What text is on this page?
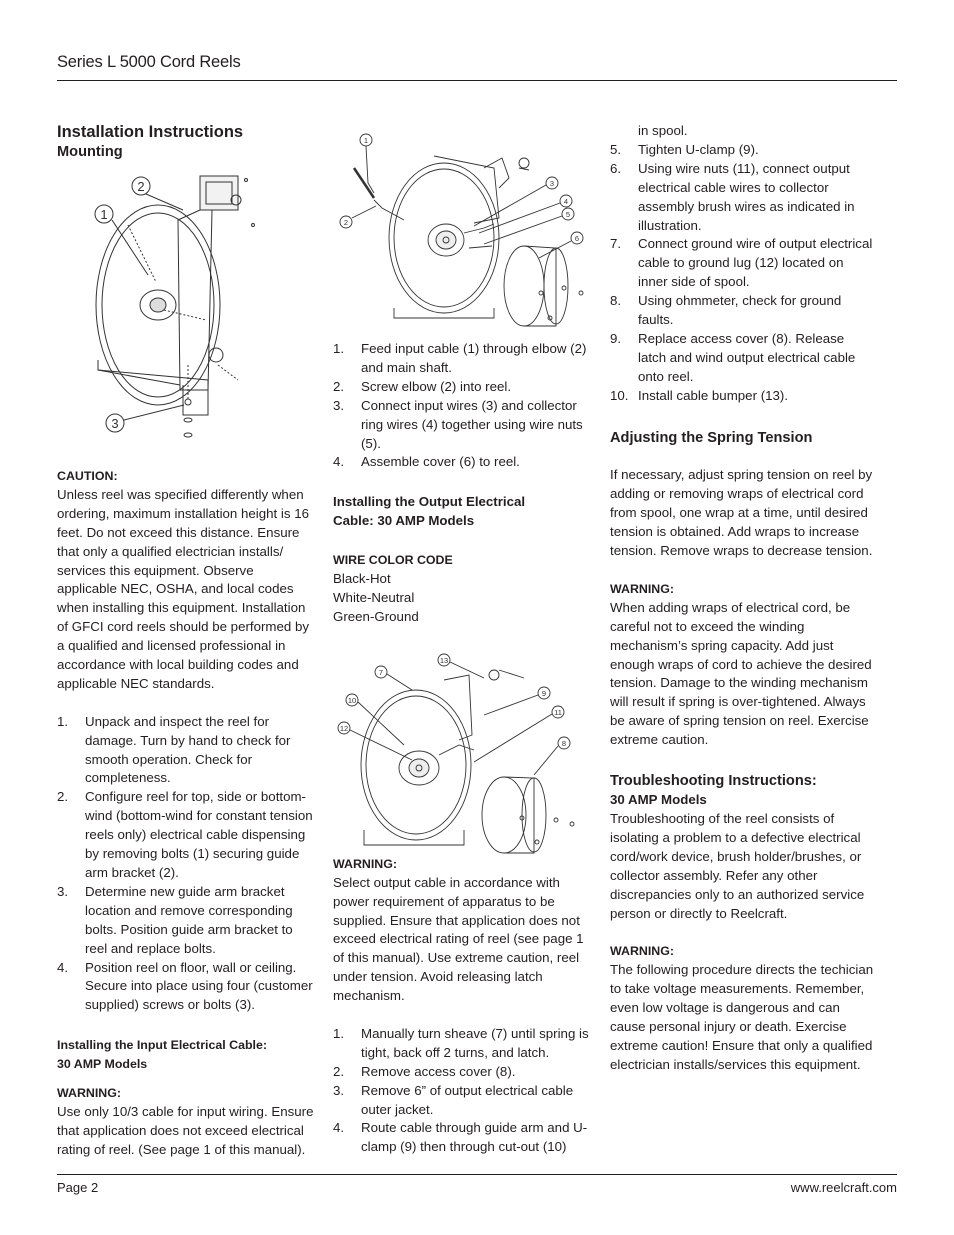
Series L 5000 Cord Reels
2
1
3
1
2
3
4
5
6
7
13
10
12
9
11
8

Installation Instructions

Mounting

CAUTION:

Unless reel was specified differently when ordering, maximum installation height is 16 feet. Do not exceed this distance. Ensure that only a qualified electrician installs/ services this equipment. Observe applicable NEC, OSHA, and local codes when installing this equipment. Installation of GFCI cord reels should be performed by a qualified and licensed professional in accordance with local building codes and applicable NEC standards.

1. Unpack and inspect the reel for damage. Turn by hand to check for smooth operation. Check for completeness.
2. Configure reel for top, side or bottom-wind (bottom-wind for constant tension reels only) electrical cable dispensing by removing bolts (1) securing guide arm bracket (2).
3. Determine new guide arm bracket location and remove corresponding bolts. Position guide arm bracket to reel and replace bolts.
4. Position reel on floor, wall or ceiling. Secure into place using four (customer supplied) screws or bolts (3).

Installing the Input Electrical Cable:
30 AMP Models

WARNING:

Use only 10/3 cable for input wiring. Ensure that application does not exceed electrical rating of reel. (See page 1 of this manual).

1. Feed input cable (1) through elbow (2) and main shaft.
2. Screw elbow (2) into reel.
3. Connect input wires (3) and collector ring wires (4) together using wire nuts (5).
4. Assemble cover (6) to reel.

Installing the Output Electrical
Cable: 30 AMP Models

WIRE COLOR CODE

Black-Hot

White-Neutral

Green-Ground

WARNING:

Select output cable in accordance with power requirement of apparatus to be supplied. Ensure that application does not exceed electrical rating of reel (see page 1 of this manual). Use extreme caution, reel under tension. Avoid releasing latch mechanism.

1. Manually turn sheave (7) until spring is tight, back off 2 turns, and latch.
2. Remove access cover (8).
3. Remove 6” of output electrical cable outer jacket.
4. Route cable through guide arm and U-clamp (9) then through cut-out (10)

in spool.

5. Tighten U-clamp (9).
6. Using wire nuts (11), connect output electrical cable wires to collector assembly brush wires as indicated in illustration.
7. Connect ground wire of output electrical cable to ground lug (12) located on inner side of spool.
8. Using ohmmeter, check for ground faults.
9. Replace access cover (8). Release latch and wind output electrical cable onto reel.
10. Install cable bumper (13).

Adjusting the Spring Tension

If necessary, adjust spring tension on reel by adding or removing wraps of electrical cord from spool, one wrap at a time, until desired tension is obtained. Add wraps to increase tension. Remove wraps to decrease tension.

WARNING:

When adding wraps of electrical cord, be careful not to exceed the winding mechanism’s spring capacity. Add just enough wraps of cord to achieve the desired tension. Damage to the winding mechanism will result if spring is over-tightened. Always be aware of spring tension on reel. Exercise extreme caution.

Troubleshooting Instructions:

30 AMP Models

Troubleshooting of the reel consists of isolating a problem to a defective electrical cord/work device, brush holder/brushes, or collector assembly. Refer any other discrepancies only to an authorized service person or directly to Reelcraft.

WARNING:

The following procedure directs the techician to take voltage measurements. Remember, even low voltage is dangerous and can cause personal injury or death. Exercise extreme caution! Ensure that only a qualified electrician installs/services this equipment.

Page 2	www.reelcraft.com
